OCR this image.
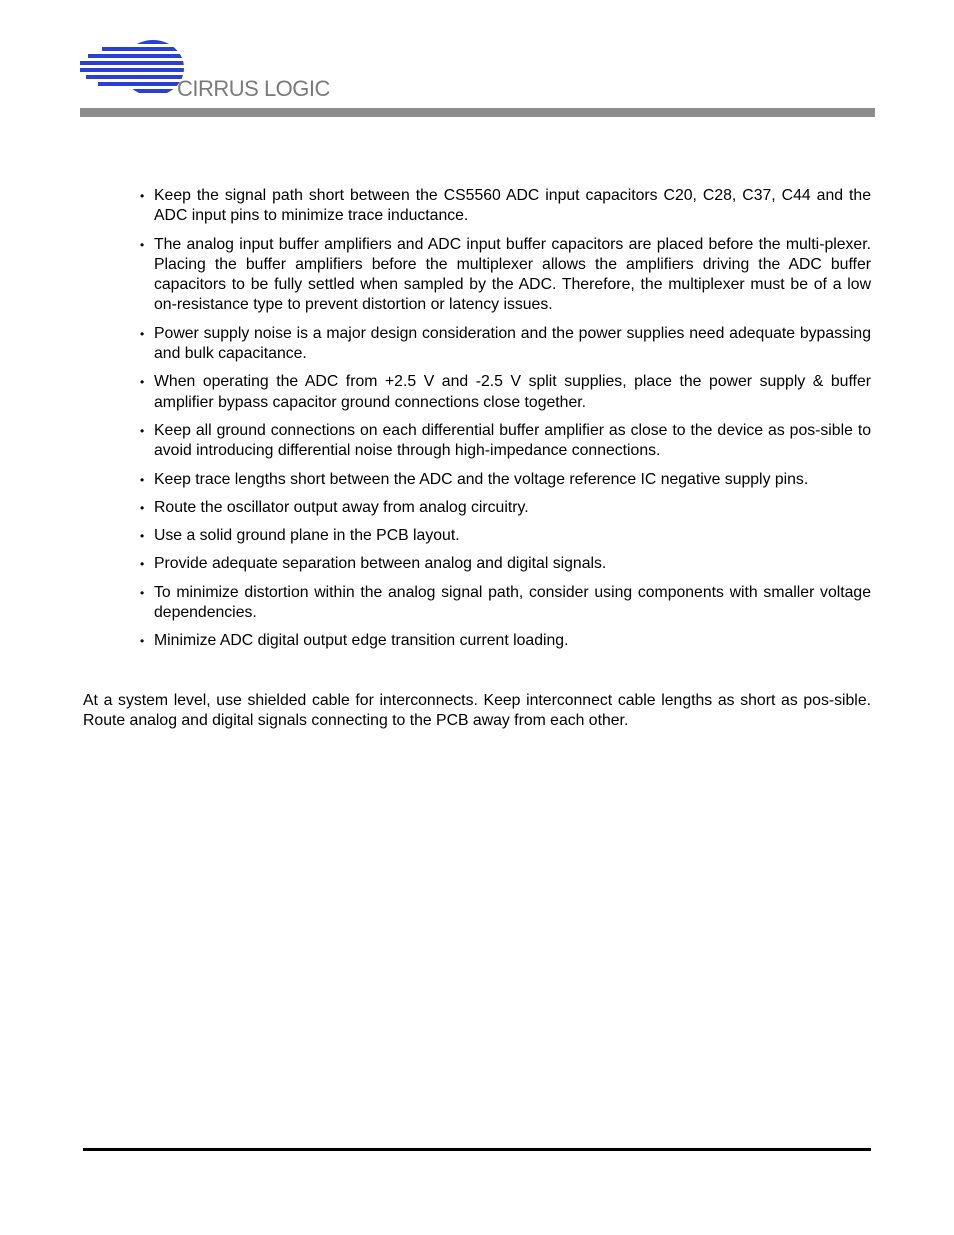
CIRRUS LOGIC
• Keep the signal path short between the CS5560 ADC input capacitors C20, C28, C37, C44 and the ADC input pins to minimize trace inductance.
• The analog input buffer amplifiers and ADC input buffer capacitors are placed before the multi-plexer. Placing the buffer amplifiers before the multiplexer allows the amplifiers driving the ADC buffer capacitors to be fully settled when sampled by the ADC. Therefore, the multiplexer must be of a low on-resistance type to prevent distortion or latency issues.
• Power supply noise is a major design consideration and the power supplies need adequate bypassing and bulk capacitance.
• When operating the ADC from +2.5 V and -2.5 V split supplies, place the power supply & buffer amplifier bypass capacitor ground connections close together.
• Keep all ground connections on each differential buffer amplifier as close to the device as pos-sible to avoid introducing differential noise through high-impedance connections.
• Keep trace lengths short between the ADC and the voltage reference IC negative supply pins.
• Route the oscillator output away from analog circuitry.
• Use a solid ground plane in the PCB layout.
• Provide adequate separation between analog and digital signals.
• To minimize distortion within the analog signal path, consider using components with smaller voltage dependencies.
• Minimize ADC digital output edge transition current loading.

At a system level, use shielded cable for interconnects. Keep interconnect cable lengths as short as pos-sible. Route analog and digital signals connecting to the PCB away from each other.
